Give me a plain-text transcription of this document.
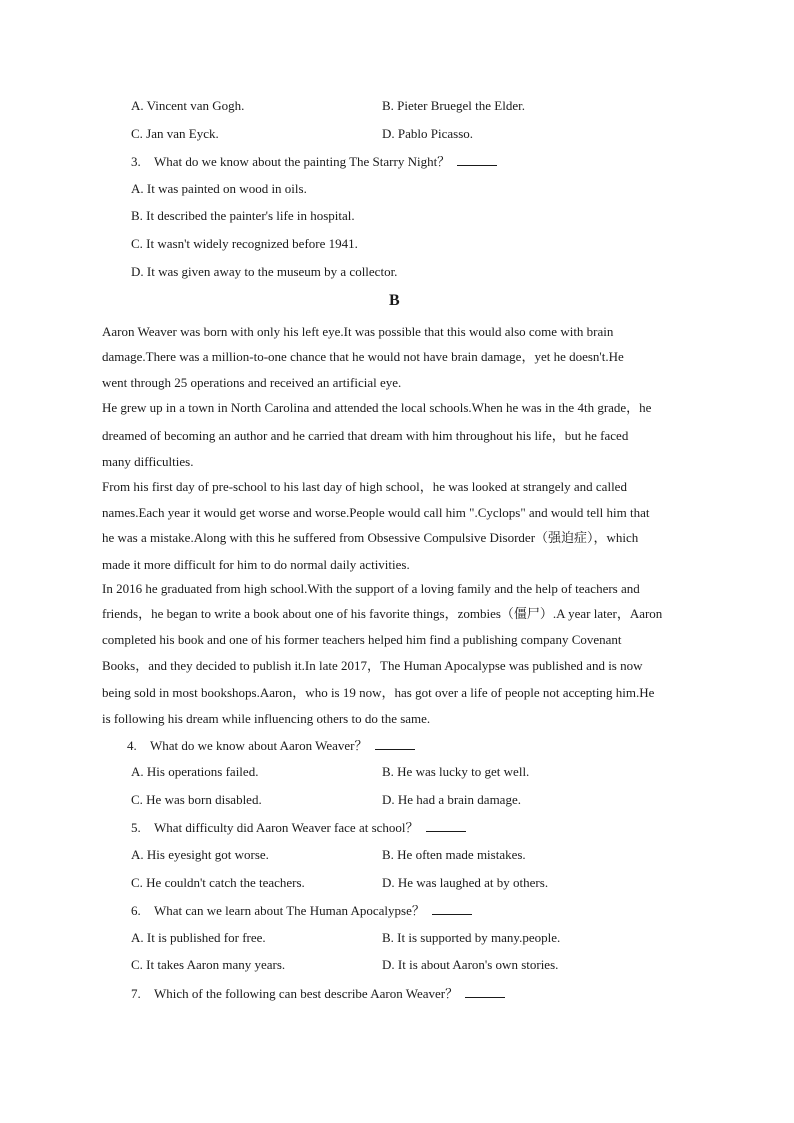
A. Vincent van Gogh.	B. Pieter Bruegel the Elder.
C. Jan van Eyck.	D. Pablo Picasso.
3. What do we know about the painting The Starry Night？
A. It was painted on wood in oils.
B. It described the painter's life in hospital.
C. It wasn't widely recognized before 1941.
D. It was given away to the museum by a collector.
B
Aaron Weaver was born with only his left eye.It was possible that this would also come with brain
damage.There was a million-to-one chance that he would not have brain damage，yet he doesn't.He
went through 25 operations and received an artificial eye.
He grew up in a town in North Carolina and attended the local schools.When he was in the 4th grade，he
dreamed of becoming an author and he carried that dream with him throughout his life，but he faced
many difficulties.
From his first day of pre-school to his last day of high school，he was looked at strangely and called
names.Each year it would get worse and worse.People would call him ".Cyclops" and would tell him that
he was a mistake.Along with this he suffered from Obsessive Compulsive Disorder（强迫症），which
made it more difficult for him to do normal daily activities.
In 2016 he graduated from high school.With the support of a loving family and the help of teachers and
friends，he began to write a book about one of his favorite things，zombies（僵尸）.A year later，Aaron
completed his book and one of his former teachers helped him find a publishing company Covenant
Books，and they decided to publish it.In late 2017，The Human Apocalypse was published and is now
being sold in most bookshops.Aaron，who is 19 now，has got over a life of people not accepting him.He
is following his dream while influencing others to do the same.
4. What do we know about Aaron Weaver？
A. His operations failed.	B. He was lucky to get well.
C. He was born disabled.	D. He had a brain damage.
5. What difficulty did Aaron Weaver face at school？
A. His eyesight got worse.	B. He often made mistakes.
C. He couldn't catch the teachers.	D. He was laughed at by others.
6. What can we learn about The Human Apocalypse？
A. It is published for free.	B. It is supported by many.people.
C. It takes Aaron many years.	D. It is about Aaron's own stories.
7. Which of the following can best describe Aaron Weaver？
